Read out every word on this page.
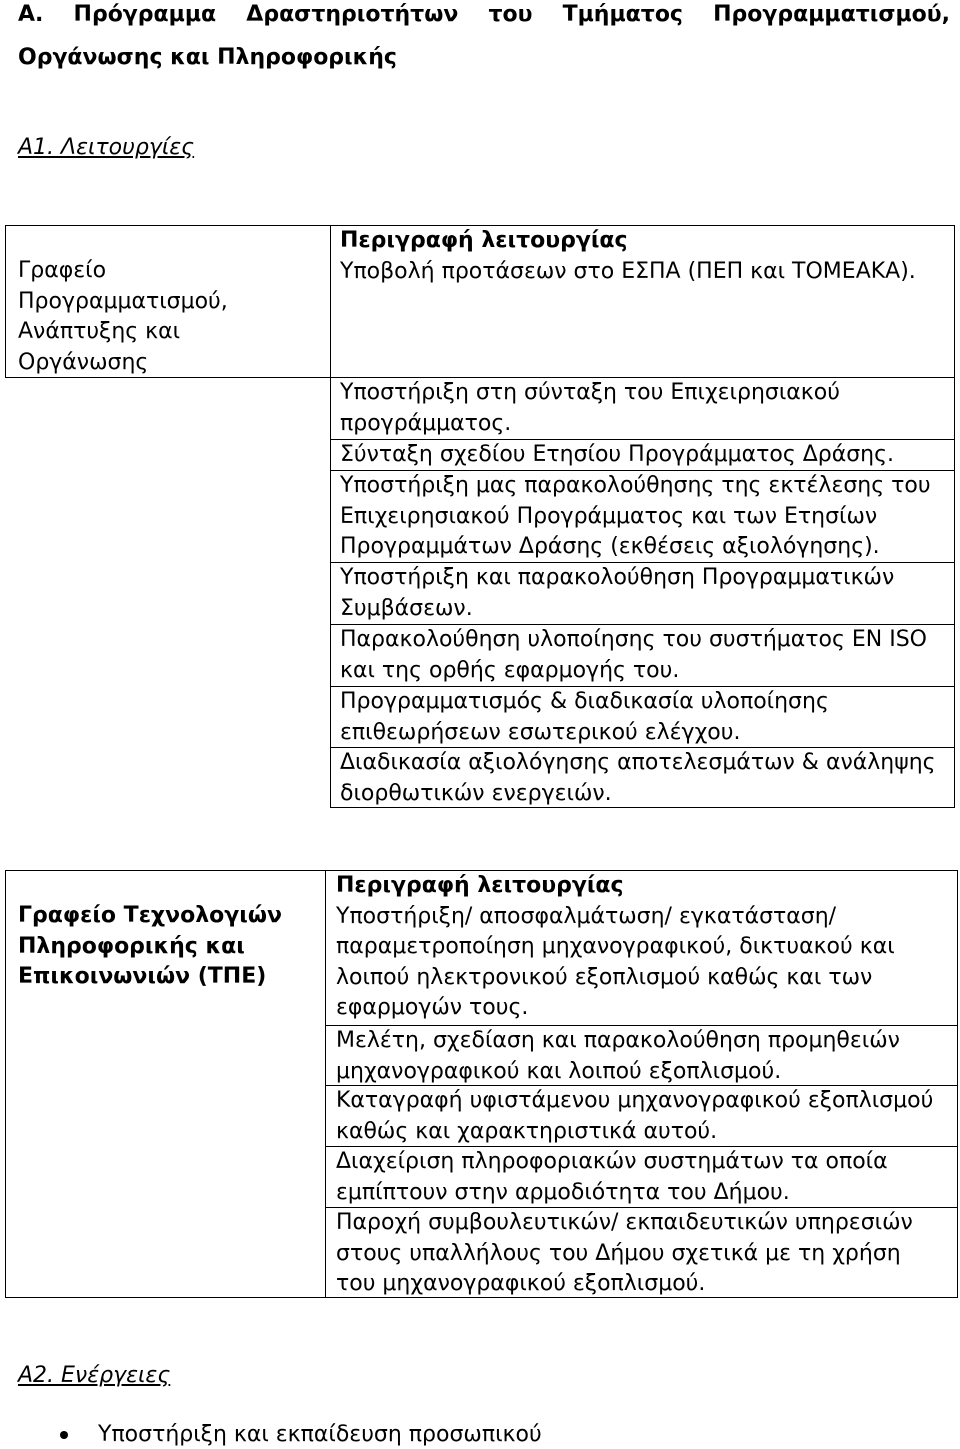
Α. Πρόγραμμα Δραστηριοτήτων του Τμήματος Προγραμματισμού,
Οργάνωσης και Πληροφορικής
Α1. Λειτουργίες
Γραφείο
Προγραμματισμού,
Ανάπτυξης και
Οργάνωσης
Περιγραφή λειτουργίας
Υποβολή προτάσεων στο ΕΣΠΑ (ΠΕΠ και ΤΟΜΕΑΚΑ).
Υποστήριξη στη σύνταξη του Επιχειρησιακού
προγράμματος.
Σύνταξη σχεδίου Ετησίου Προγράμματος Δράσης.
Υποστήριξη μας παρακολούθησης της εκτέλεσης του
Επιχειρησιακού Προγράμματος και των Ετησίων
Προγραμμάτων Δράσης (εκθέσεις αξιολόγησης).
Υποστήριξη και παρακολούθηση Προγραμματικών
Συμβάσεων.
Παρακολούθηση υλοποίησης του συστήματος EN ISO
και της ορθής εφαρμογής του.
Προγραμματισμός & διαδικασία υλοποίησης
επιθεωρήσεων εσωτερικού ελέγχου.
Διαδικασία αξιολόγησης αποτελεσμάτων & ανάληψης
διορθωτικών ενεργειών.
Γραφείο Τεχνολογιών
Πληροφορικής και
Επικοινωνιών (ΤΠΕ)
Περιγραφή λειτουργίας
Υποστήριξη/ αποσφαλμάτωση/ εγκατάσταση/
παραμετροποίηση μηχανογραφικού, δικτυακού και
λοιπού ηλεκτρονικού εξοπλισμού καθώς και των
εφαρμογών τους.
Μελέτη, σχεδίαση και παρακολούθηση προμηθειών
μηχανογραφικού και λοιπού εξοπλισμού.
Καταγραφή υφιστάμενου μηχανογραφικού εξοπλισμού
καθώς και χαρακτηριστικά αυτού.
Διαχείριση πληροφοριακών συστημάτων τα οποία
εμπίπτουν στην αρμοδιότητα του Δήμου.
Παροχή συμβουλευτικών/ εκπαιδευτικών υπηρεσιών
στους υπαλλήλους του Δήμου σχετικά με τη χρήση
του μηχανογραφικού εξοπλισμού.
Α2. Ενέργειες
Υποστήριξη και εκπαίδευση προσωπικού
